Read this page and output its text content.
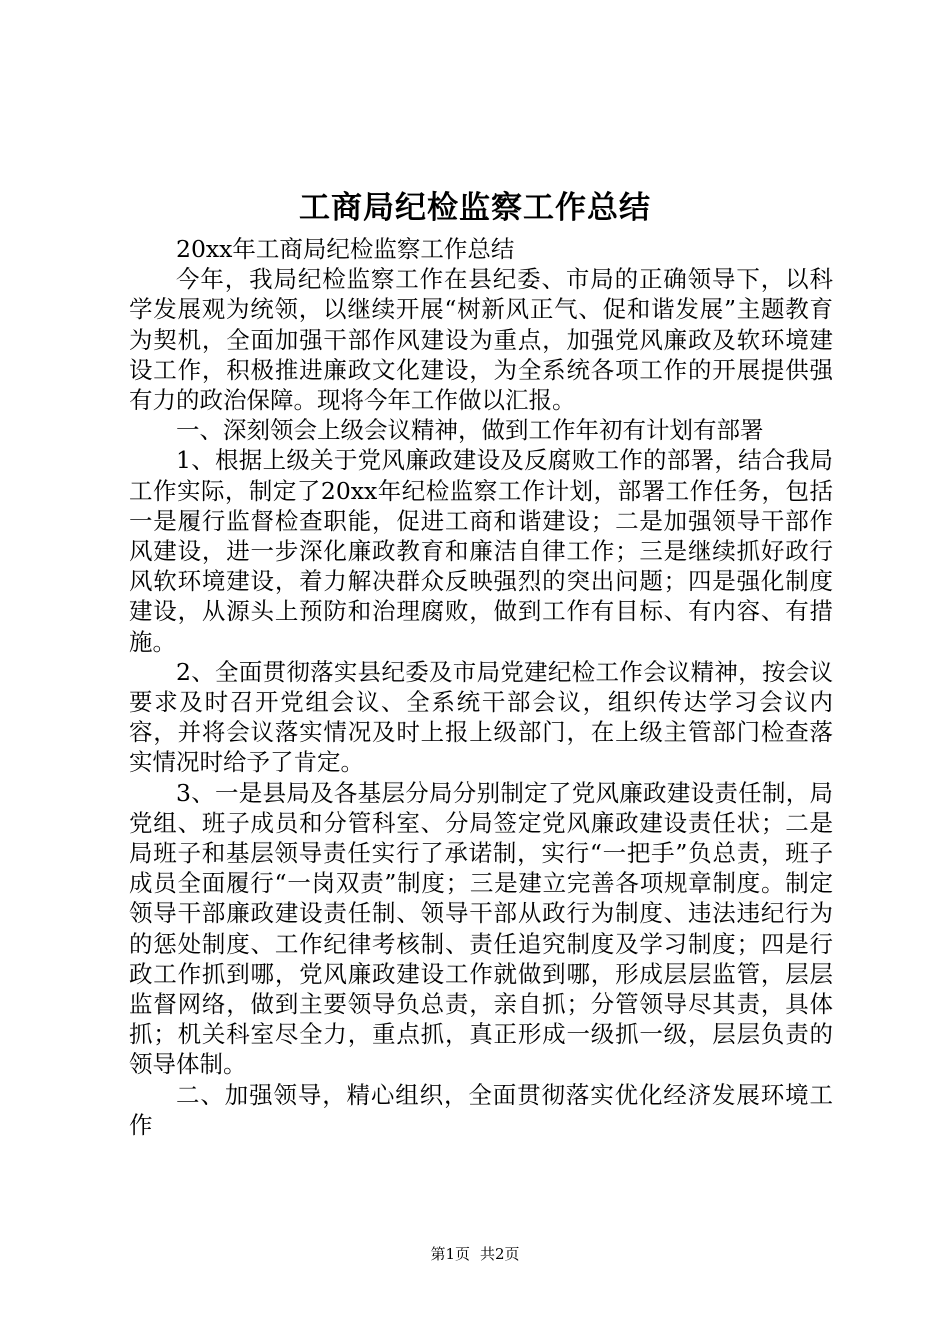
工商局纪检监察工作总结

20xx年工商局纪检监察工作总结

今年，我局纪检监察工作在县纪委、市局的正确领导下，以科学发展观为统领，以继续开展“树新风正气、促和谐发展”主题教育为契机，全面加强干部作风建设为重点，加强党风廉政及软环境建设工作，积极推进廉政文化建设，为全系统各项工作的开展提供强有力的政治保障。现将今年工作做以汇报。

一、深刻领会上级会议精神，做到工作年初有计划有部署

1、根据上级关于党风廉政建设及反腐败工作的部署，结合我局工作实际，制定了20xx年纪检监察工作计划，部署工作任务，包括一是履行监督检查职能，促进工商和谐建设；二是加强领导干部作风建设，进一步深化廉政教育和廉洁自律工作；三是继续抓好政行风软环境建设，着力解决群众反映强烈的突出问题；四是强化制度建设，从源头上预防和治理腐败，做到工作有目标、有内容、有措施。

2、全面贯彻落实县纪委及市局党建纪检工作会议精神，按会议要求及时召开党组会议、全系统干部会议，组织传达学习会议内容，并将会议落实情况及时上报上级部门，在上级主管部门检查落实情况时给予了肯定。

3、一是县局及各基层分局分别制定了党风廉政建设责任制，局党组、班子成员和分管科室、分局签定党风廉政建设责任状；二是局班子和基层领导责任实行了承诺制，实行“一把手”负总责，班子成员全面履行“一岗双责”制度；三是建立完善各项规章制度。制定领导干部廉政建设责任制、领导干部从政行为制度、违法违纪行为的惩处制度、工作纪律考核制、责任追究制度及学习制度；四是行政工作抓到哪，党风廉政建设工作就做到哪，形成层层监管，层层监督网络，做到主要领导负总责，亲自抓；分管领导尽其责，具体抓；机关科室尽全力，重点抓，真正形成一级抓一级，层层负责的领导体制。

二、加强领导，精心组织，全面贯彻落实优化经济发展环境工作

第1页 共2页
